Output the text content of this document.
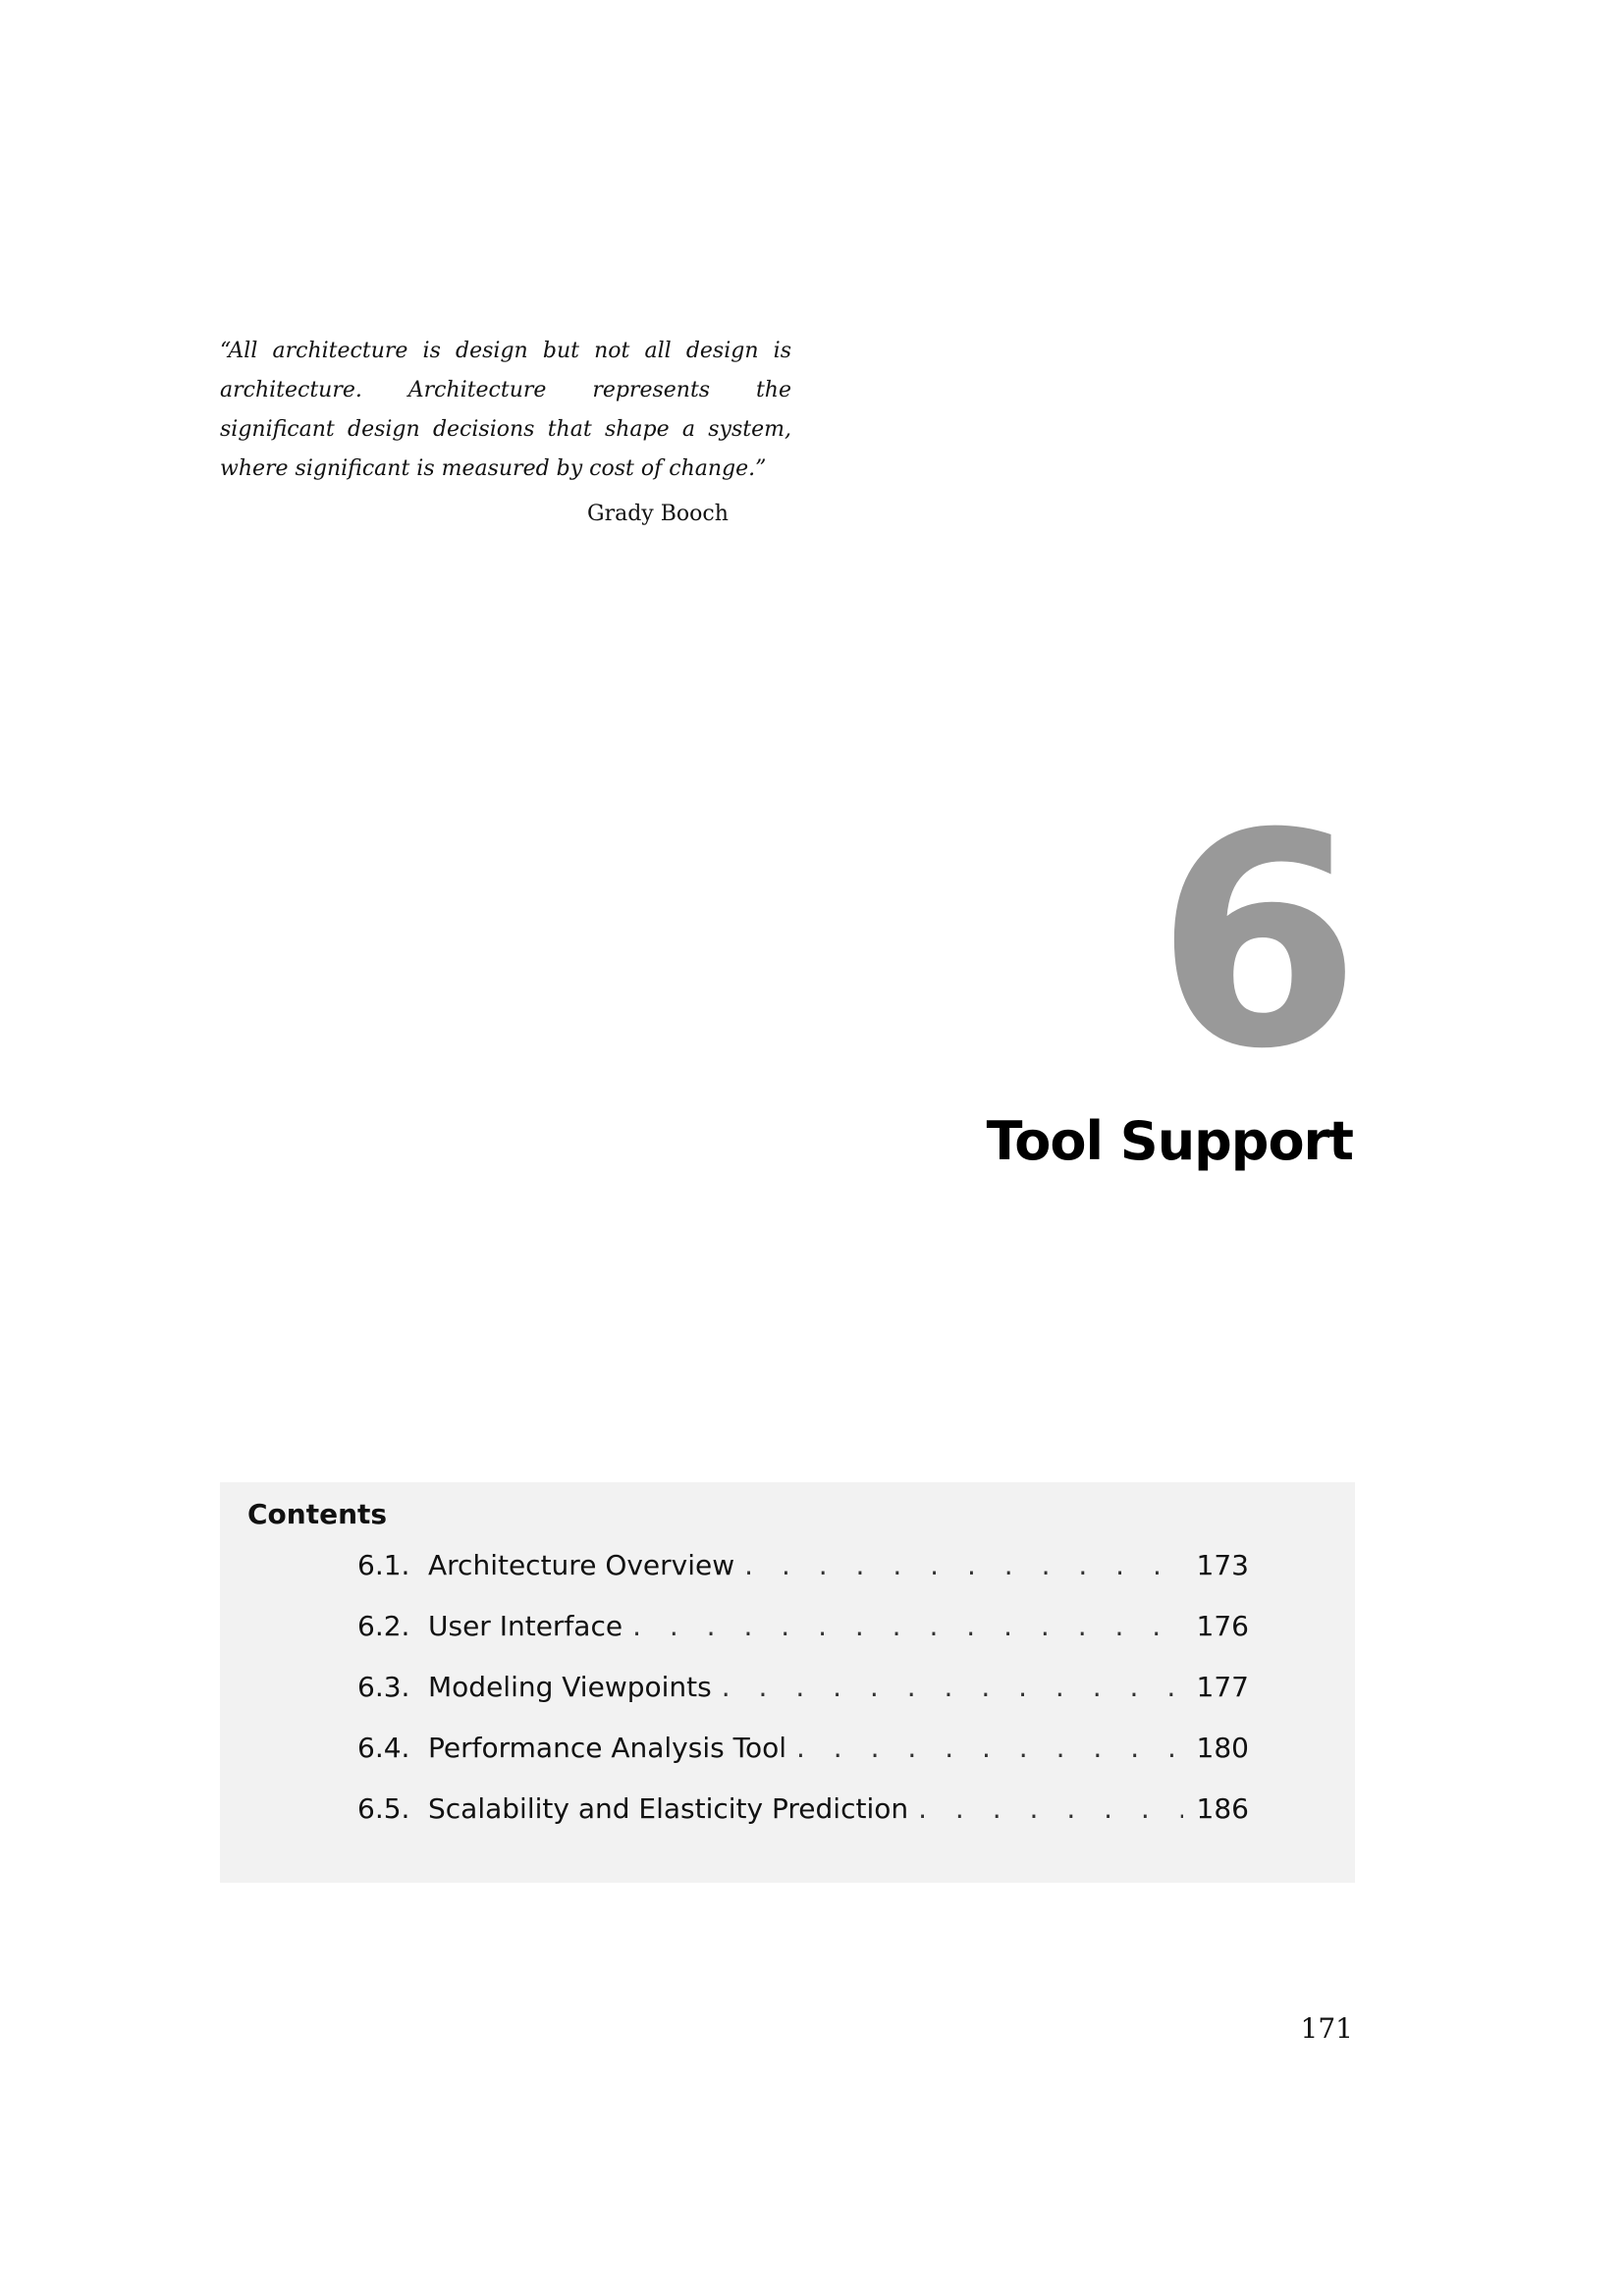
“All architecture is design but not all design is architecture. Architecture represents the significant design decisions that shape a system, where significant is measured by cost of change.”

Grady Booch
6
Tool Support
Contents
6.1. Architecture Overview . . .	173
6.2. User Interface . . .	176
6.3. Modeling Viewpoints . . .	177
6.4. Performance Analysis Tool . . .	180
6.5. Scalability and Elasticity Prediction . . .	186
171
